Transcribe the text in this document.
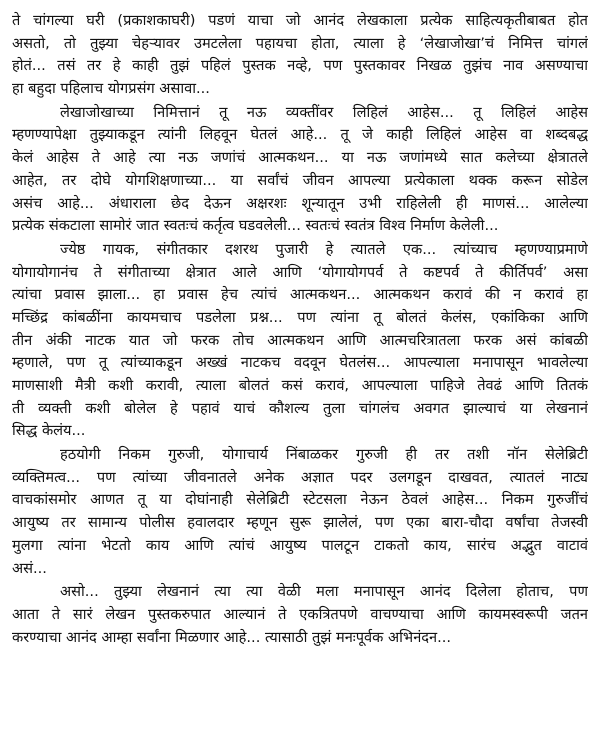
ते चांगल्या घरी (प्रकाशकाघरी) पडणं याचा जो आनंद लेखकाला प्रत्येक साहित्यकृतीबाबत होत
असतो, तो तुझ्या चेहऱ्यावर उमटलेला पहायचा होता, त्याला हे ‘लेखाजोखा’चं निमित्त चांगलं
होतं... तसं तर हे काही तुझं पहिलं पुस्तक नव्हे, पण पुस्तकावर निखळ तुझंच नाव असण्याचा
हा बहुदा पहिलाच योगप्रसंग असावा...
लेखाजोखाच्या निमित्तानं तू नऊ व्यक्तींवर लिहिलं आहेस... तू लिहिलं आहेस
म्हणण्यापेक्षा तुझ्याकडून त्यांनी लिहवून घेतलं आहे... तू जे काही लिहिलं आहेस वा शब्दबद्ध
केलं आहेस ते आहे त्या नऊ जणांचं आत्मकथन... या नऊ जणांमध्ये सात कलेच्या क्षेत्रातले
आहेत, तर दोघे योगशिक्षणाच्या... या सर्वांचं जीवन आपल्या प्रत्येकाला थक्क करून सोडेल
असंच आहे... अंधाराला छेद देऊन अक्षरशः शून्यातून उभी राहिलेली ही माणसं... आलेल्या
प्रत्येक संकटाला सामोरं जात स्वतःचं कर्तृत्व घडवलेली... स्वतःचं स्वतंत्र विश्व निर्माण केलेली...
ज्येष्ठ गायक, संगीतकार दशरथ पुजारी हे त्यातले एक... त्यांच्याच म्हणण्याप्रमाणे
योगायोगानंच ते संगीताच्या क्षेत्रात आले आणि ‘योगायोगपर्व ते कष्टपर्व ते कीर्तिपर्व’ असा
त्यांचा प्रवास झाला... हा प्रवास हेच त्यांचं आत्मकथन... आत्मकथन करावं की न करावं हा
मच्छिंद्र कांबळींना कायमचाच पडलेला प्रश्न... पण त्यांना तू बोलतं केलंस, एकांकिका आणि
तीन अंकी नाटक यात जो फरक तोच आत्मकथन आणि आत्मचरित्रातला फरक असं कांबळी
म्हणाले, पण तू त्यांच्याकडून अख्खं नाटकच वदवून घेतलंस... आपल्याला मनापासून भावलेल्या
माणसाशी मैत्री कशी करावी, त्याला बोलतं कसं करावं, आपल्याला पाहिजे तेवढं आणि तितकं
ती व्यक्ती कशी बोलेल हे पहावं याचं कौशल्य तुला चांगलंच अवगत झाल्याचं या लेखनानं
सिद्ध केलंय...
हठयोगी निकम गुरुजी, योगाचार्य निंबाळकर गुरुजी ही तर तशी नॉन सेलेब्रिटी
व्यक्तिमत्व... पण त्यांच्या जीवनातले अनेक अज्ञात पदर उलगडून दाखवत, त्यातलं नाट्य
वाचकांसमोर आणत तू या दोघांनाही सेलेब्रिटी स्टेटसला नेऊन ठेवलं आहेस... निकम गुरुजींचं
आयुष्य तर सामान्य पोलीस हवालदार म्हणून सुरू झालेलं, पण एका बारा-चौदा वर्षांचा तेजस्वी
मुलगा त्यांना भेटतो काय आणि त्यांचं आयुष्य पालटून टाकतो काय, सारंच अद्भुत वाटावं
असं...
असो... तुझ्या लेखनानं त्या त्या वेळी मला मनापासून आनंद दिलेला होताच, पण
आता ते सारं लेखन पुस्तकरुपात आल्यानं ते एकत्रितपणे वाचण्याचा आणि कायमस्वरूपी जतन
करण्याचा आनंद आम्हा सर्वांना मिळणार आहे... त्यासाठी तुझं मनःपूर्वक अभिनंदन...
